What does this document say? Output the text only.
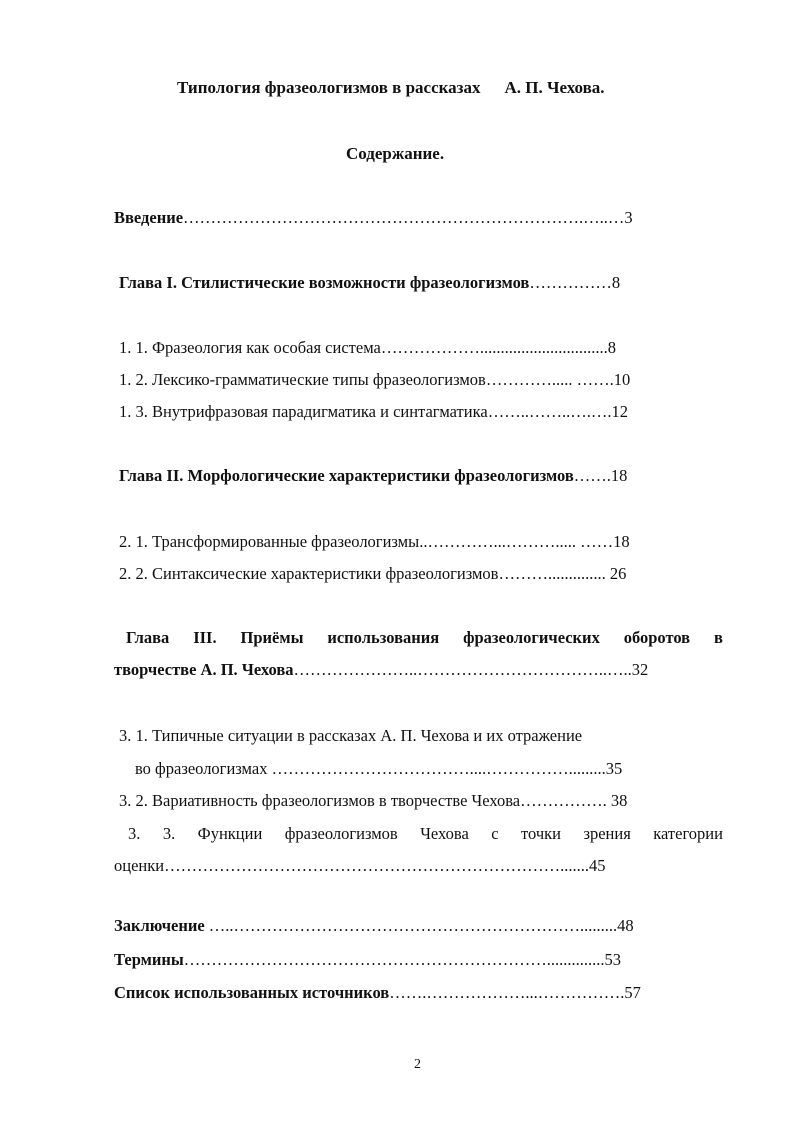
Типология фразеологизмов в рассказах А. П. Чехова.
Содержание.
Введение……………………………………………………………….…..…3
Глава I. Стилистические возможности фразеологизмов……………8
1. 1. Фразеология как особая система………………...............................8
1. 2. Лексико-грамматические типы фразеологизмов…………..... …….10
1. 3. Внутрифразовая парадигматика и синтагматика……..……..….….12
Глава II. Морфологические характеристики фразеологизмов…….18
2. 1. Трансформированные фразеологизмы..…………...………..... ……18
2. 2. Синтаксические характеристики фразеологизмов……….............. 26
Глава III. Приёмы использования фразеологических оборотов в
творчестве А. П. Чехова…………………..……………………………..…..32
3. 1. Типичные ситуации в рассказах А. П. Чехова и их отражение
во фразеологизмах ………………………………....…………….........35
3. 2. Вариативность фразеологизмов в творчестве Чехова……………. 38
3. 3. Функции фразеологизмов Чехова с точки зрения категории
оценки……………………………………………………………….......45
Заключение …..……………………………………………………….........48
Термины…………………………………………………………..............53
Список использованных источников…….………………...…………….57
2
